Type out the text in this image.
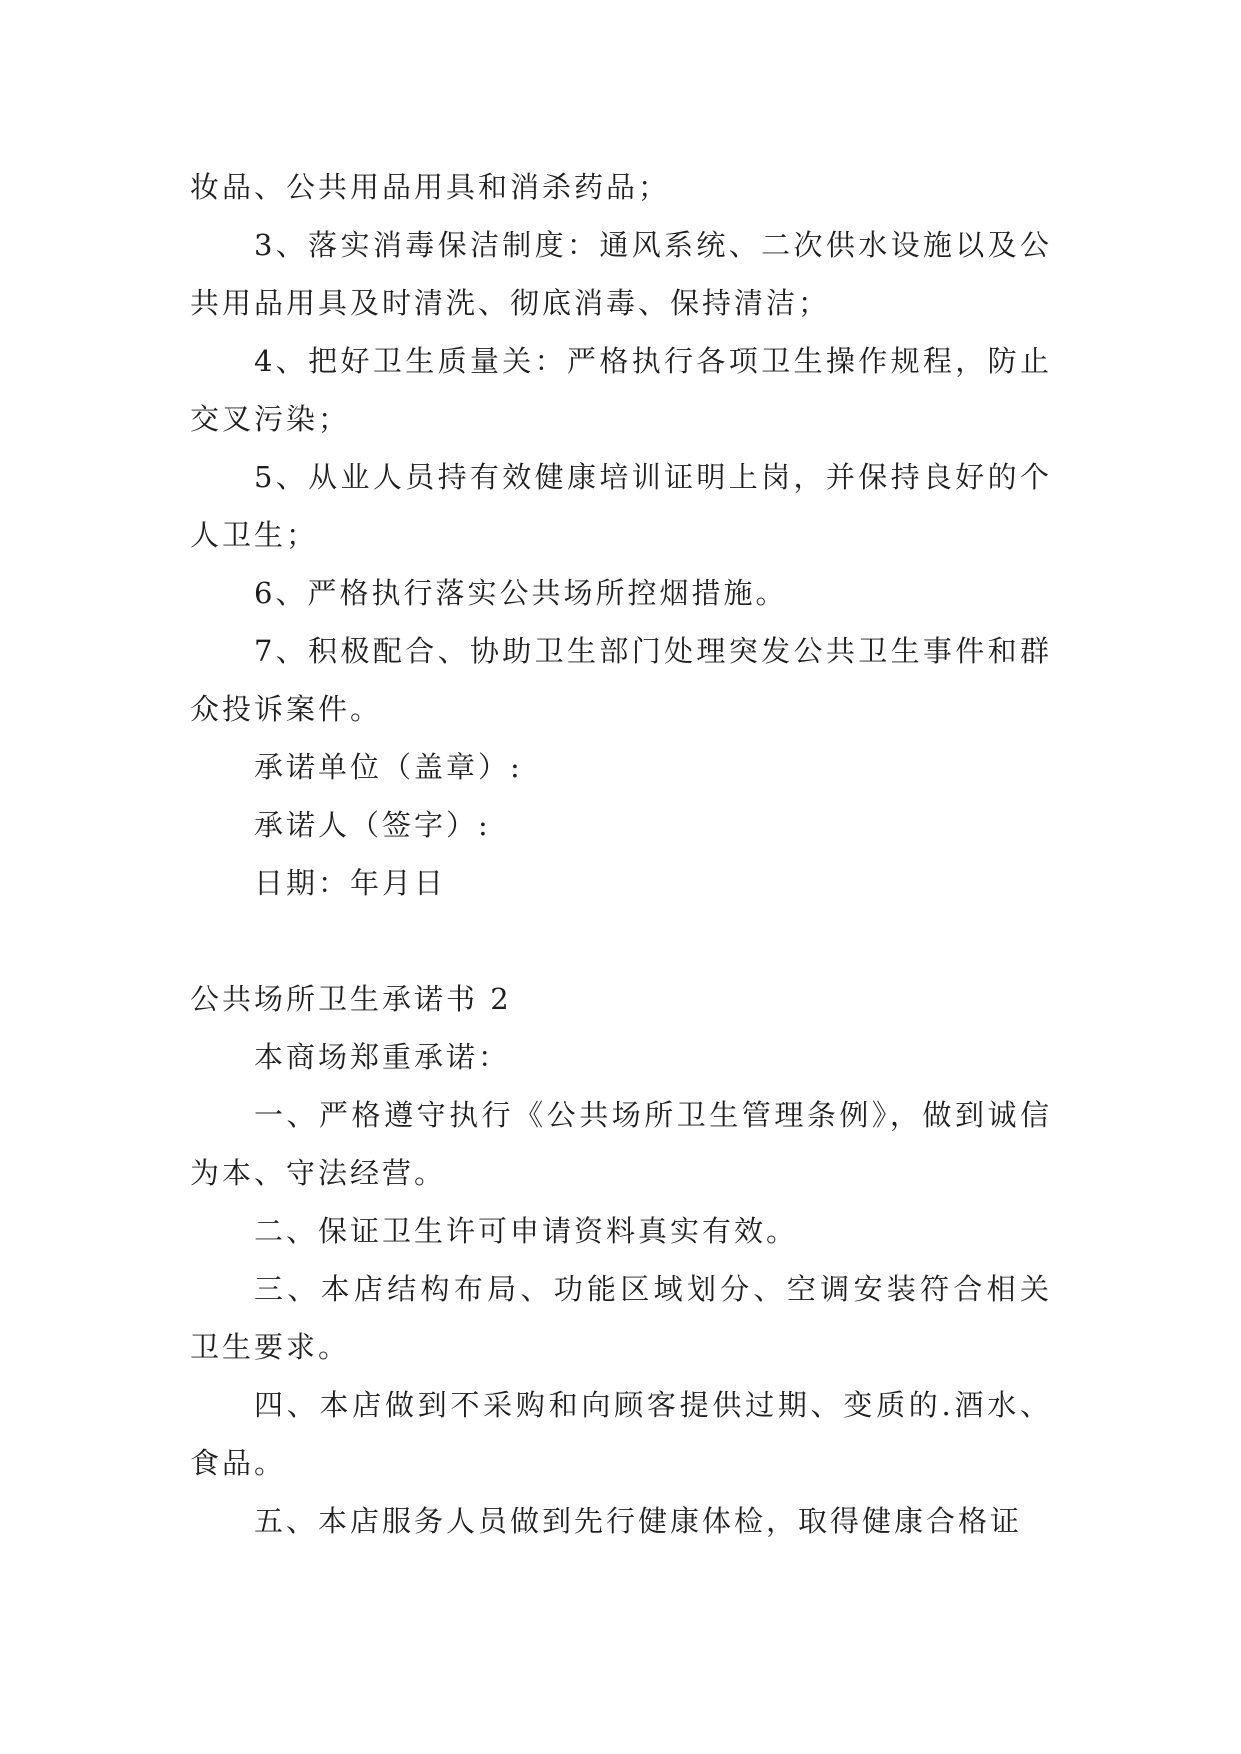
妆品、公共用品用具和消杀药品；

3、落实消毒保洁制度：通风系统、二次供水设施以及公共用品用具及时清洗、彻底消毒、保持清洁；

4、把好卫生质量关：严格执行各项卫生操作规程，防止交叉污染；

5、从业人员持有效健康培训证明上岗，并保持良好的个人卫生；

6、严格执行落实公共场所控烟措施。

7、积极配合、协助卫生部门处理突发公共卫生事件和群众投诉案件。

承诺单位（盖章）:

承诺人（签字）:

日期：年月日

公共场所卫生承诺书 2

本商场郑重承诺：

一、严格遵守执行《公共场所卫生管理条例》，做到诚信为本、守法经营。

二、保证卫生许可申请资料真实有效。

三、本店结构布局、功能区域划分、空调安装符合相关卫生要求。

四、本店做到不采购和向顾客提供过期、变质的.酒水、食品。

五、本店服务人员做到先行健康体检，取得健康合格证
